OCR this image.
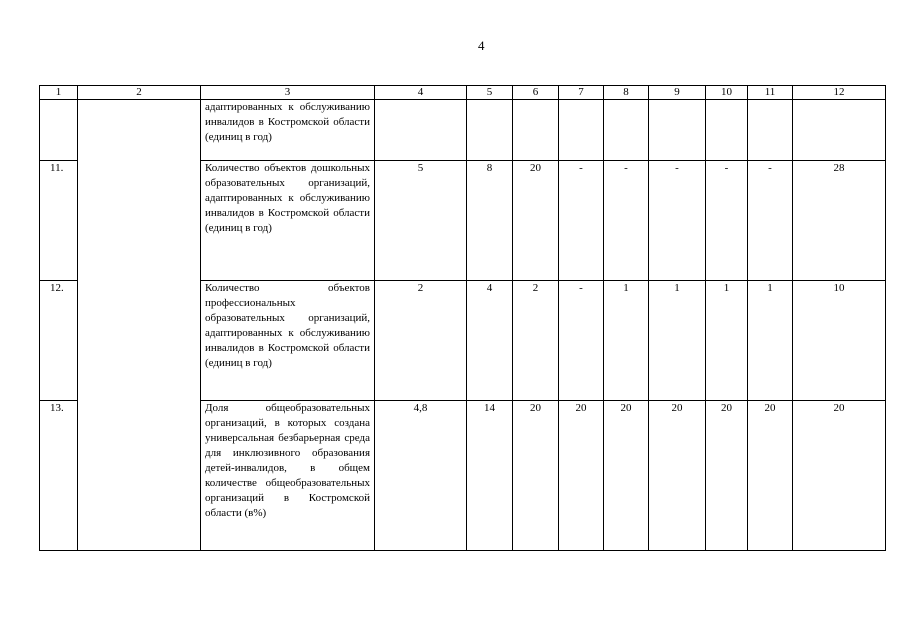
4
1	2	3	4	5	6	7	8	9	10	11	12
		адаптированных к обслуживанию инвалидов в Костромской области (единиц в год)									
11.		Количество объектов дошкольных образовательных организаций, адаптированных к обслуживанию инвалидов в Костромской области (единиц в год)	5	8	20	-	-	-	-	-	28
12.		Количество объектов профессиональных образовательных организаций, адаптированных к обслуживанию инвалидов в Костромской области (единиц в год)	2	4	2	-	1	1	1	1	10
13.		Доля общеобразовательных организаций, в которых создана универсальная безбарьерная среда для инклюзивного образования детей-инвалидов, в общем количестве общеобразовательных организаций в Костромской области (в%)	4,8	14	20	20	20	20	20	20	20
